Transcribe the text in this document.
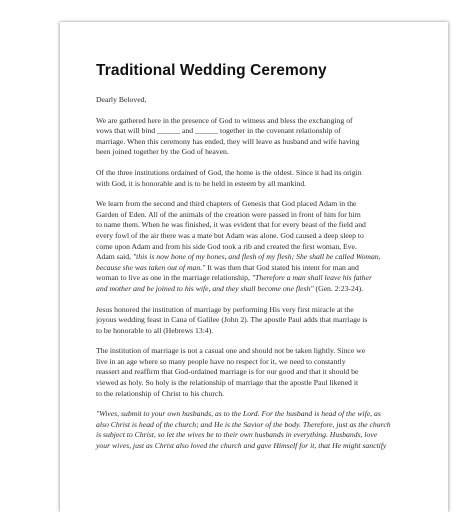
Traditional Wedding Ceremony

Dearly Beloved,

We are gathered here in the presence of God to witness and bless the exchanging of
vows that will bind ______ and ______ together in the covenant relationship of
marriage. When this ceremony has ended, they will leave as husband and wife having
been joined together by the God of heaven.

Of the three institutions ordained of God, the home is the oldest. Since it had its origin
with God, it is honorable and is to be held in esteem by all mankind.

We learn from the second and third chapters of Genesis that God placed Adam in the
Garden of Eden. All of the animals of the creation were passed in front of him for him
to name them. When he was finished, it was evident that for every beast of the field and
every fowl of the air there was a mate but Adam was alone. God caused a deep sleep to
come upon Adam and from his side God took a rib and created the first woman, Eve.
Adam said, "this is now bone of my bones, and flesh of my flesh; She shall be called Woman,
because she was taken out of man." It was then that God stated his intent for man and
woman to live as one in the marriage relationship, "Therefore a man shall leave his father
and mother and be joined to his wife, and they shall become one flesh" (Gen. 2:23-24).

Jesus honored the institution of marriage by performing His very first miracle at the
joyous wedding feast in Cana of Galilee (John 2). The apostle Paul adds that marriage is
to be honorable to all (Hebrews 13:4).

The institution of marriage is not a casual one and should not be taken lightly. Since we
live in an age where so many people have no respect for it, we need to constantly
reassert and reaffirm that God-ordained marriage is for our good and that it should be
viewed as holy. So holy is the relationship of marriage that the apostle Paul likened it
to the relationship of Christ to his church.

"Wives, submit to your own husbands, as to the Lord. For the husband is head of the wife, as
also Christ is head of the church; and He is the Savior of the body. Therefore, just as the church
is subject to Christ, so let the wives be to their own husbands in everything. Husbands, love
your wives, just as Christ also loved the church and gave Himself for it, that He might sanctify
